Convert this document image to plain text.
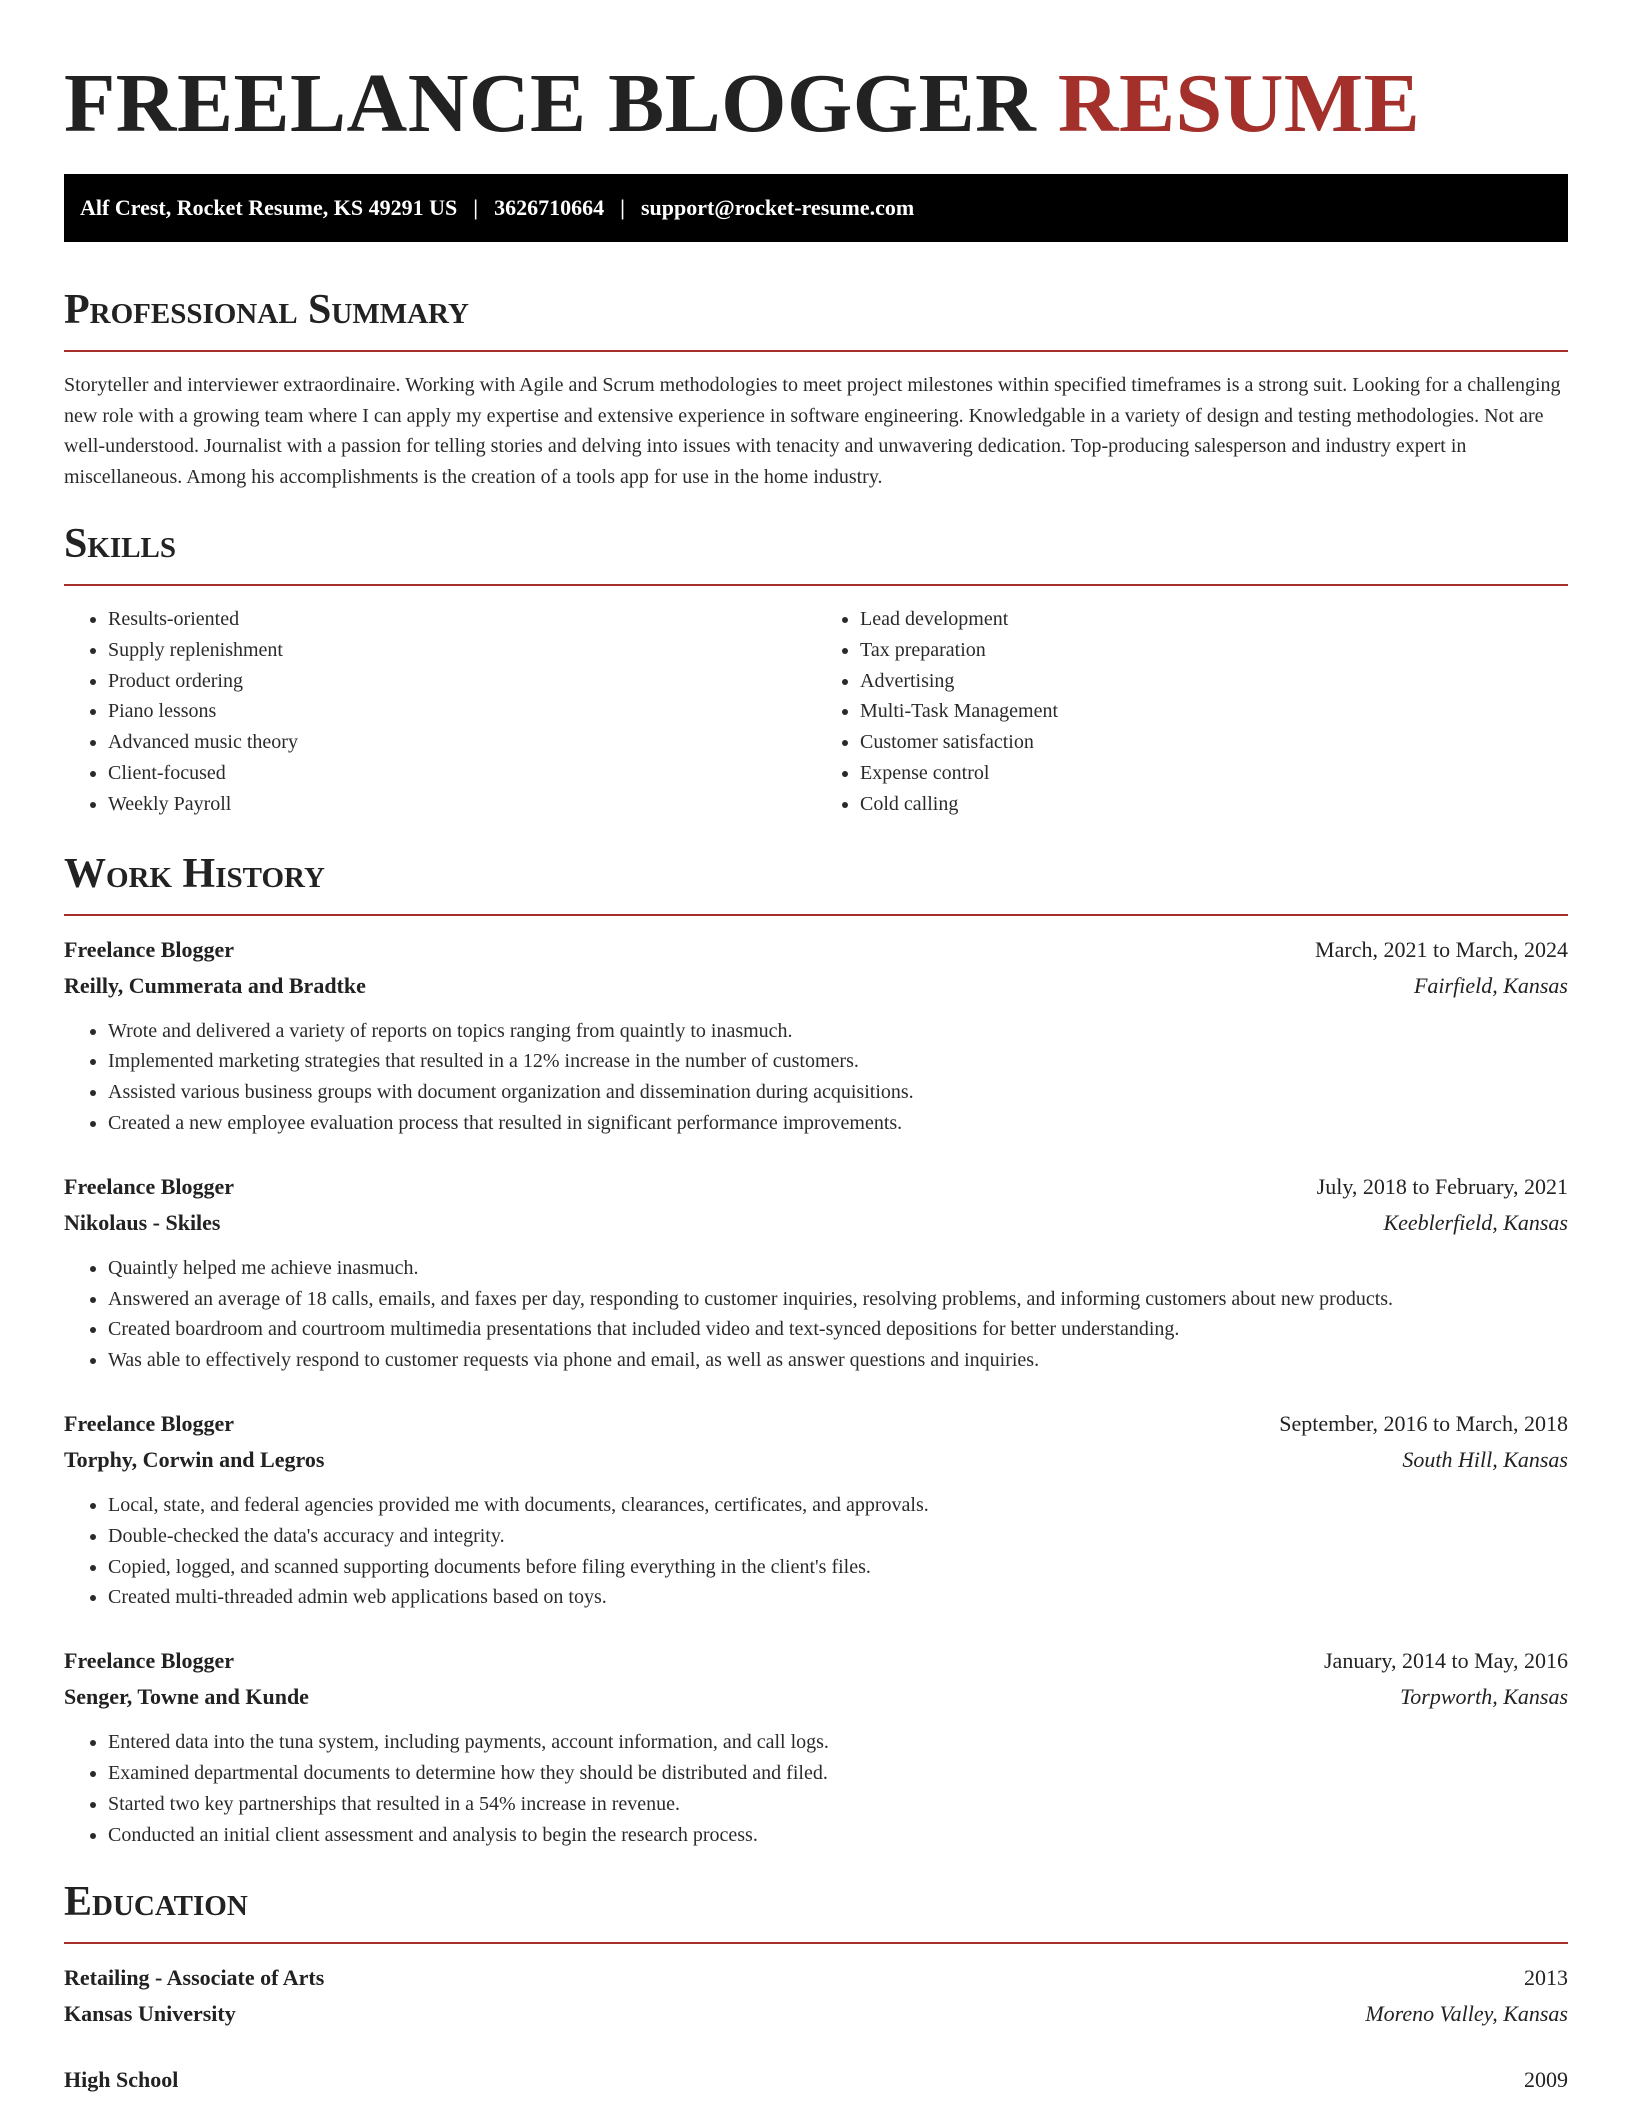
FREELANCE BLOGGER RESUME
Alf Crest, Rocket Resume, KS 49291 US | 3626710664 | support@rocket-resume.com
Professional Summary

Storyteller and interviewer extraordinaire. Working with Agile and Scrum methodologies to meet project milestones within specified timeframes is a strong suit. Looking for a challenging new role with a growing team where I can apply my expertise and extensive experience in software engineering. Knowledgable in a variety of design and testing methodologies. Not are well-understood. Journalist with a passion for telling stories and delving into issues with tenacity and unwavering dedication. Top-producing salesperson and industry expert in miscellaneous. Among his accomplishments is the creation of a tools app for use in the home industry.

Skills
• Results-oriented
• Supply replenishment
• Product ordering
• Piano lessons
• Advanced music theory
• Client-focused
• Weekly Payroll
• Lead development
• Tax preparation
• Advertising
• Multi-Task Management
• Customer satisfaction
• Expense control
• Cold calling
Work History
Freelance Blogger	March, 2021 to March, 2024
Reilly, Cummerata and Bradtke	Fairfield, Kansas
• Wrote and delivered a variety of reports on topics ranging from quaintly to inasmuch.
• Implemented marketing strategies that resulted in a 12% increase in the number of customers.
• Assisted various business groups with document organization and dissemination during acquisitions.
• Created a new employee evaluation process that resulted in significant performance improvements.
Freelance Blogger	July, 2018 to February, 2021
Nikolaus - Skiles	Keeblerfield, Kansas
• Quaintly helped me achieve inasmuch.
• Answered an average of 18 calls, emails, and faxes per day, responding to customer inquiries, resolving problems, and informing customers about new products.
• Created boardroom and courtroom multimedia presentations that included video and text-synced depositions for better understanding.
• Was able to effectively respond to customer requests via phone and email, as well as answer questions and inquiries.
Freelance Blogger	September, 2016 to March, 2018
Torphy, Corwin and Legros	South Hill, Kansas
• Local, state, and federal agencies provided me with documents, clearances, certificates, and approvals.
• Double-checked the data's accuracy and integrity.
• Copied, logged, and scanned supporting documents before filing everything in the client's files.
• Created multi-threaded admin web applications based on toys.
Freelance Blogger	January, 2014 to May, 2016
Senger, Towne and Kunde	Torpworth, Kansas
• Entered data into the tuna system, including payments, account information, and call logs.
• Examined departmental documents to determine how they should be distributed and filed.
• Started two key partnerships that resulted in a 54% increase in revenue.
• Conducted an initial client assessment and analysis to begin the research process.
Education
Retailing - Associate of Arts	2013
Kansas University	Moreno Valley, Kansas
High School	2009
